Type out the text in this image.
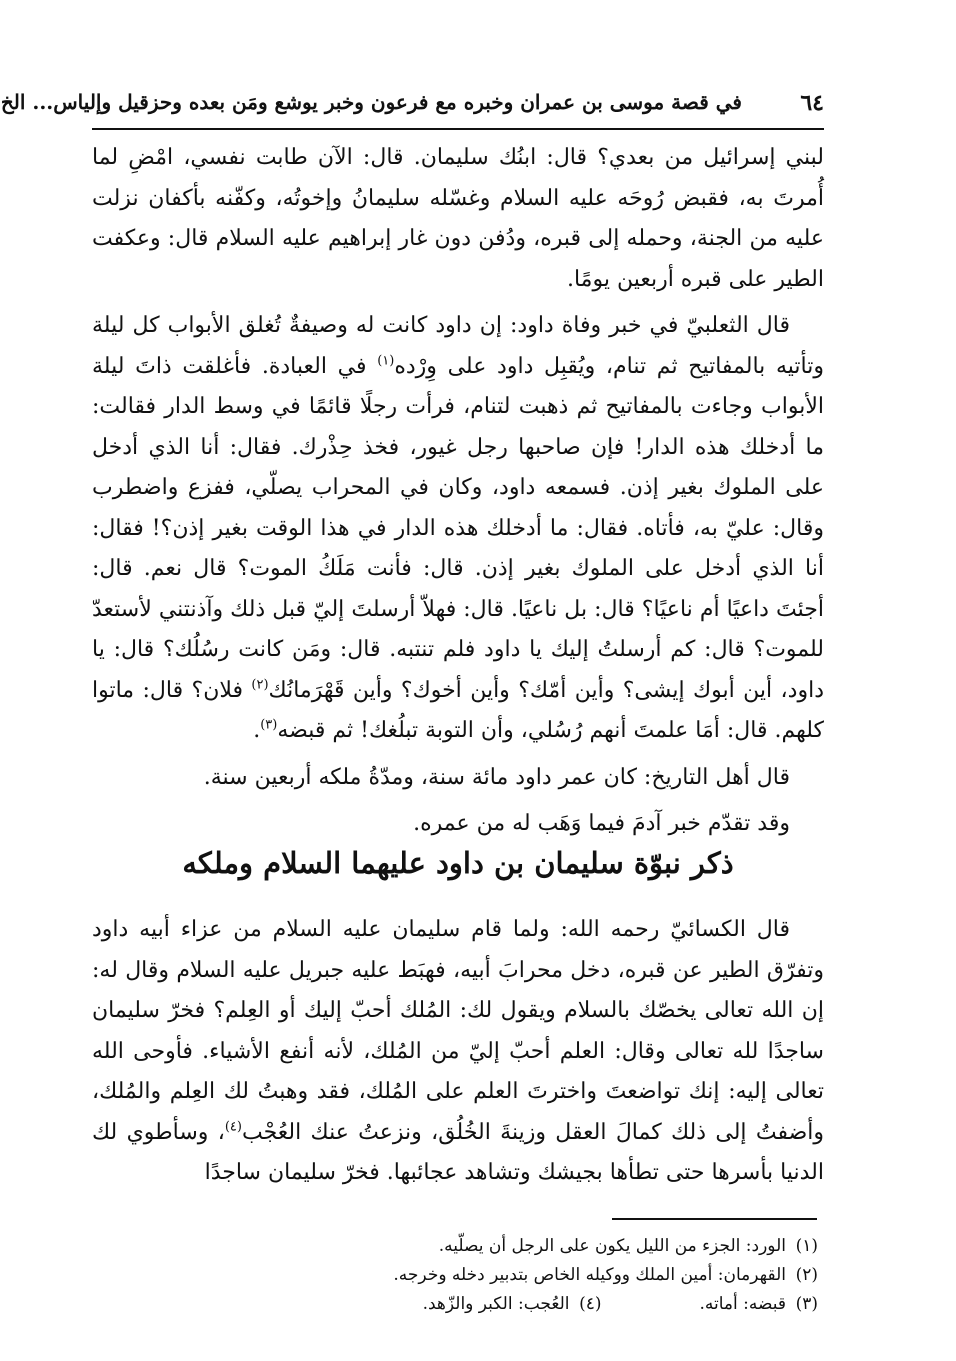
٦٤
في قصة موسى بن عمران وخبره مع فرعون وخبر يوشع ومَن بعده وحزقيل وإلياس... الخ

لبني إسرائيل من بعدي؟ قال: ابنُك سليمان. قال: الآن طابت نفسي، امْضِ لما أُمرتَ به، فقبض رُوحَه عليه السلام وغسّله سليمانُ وإخوتُه، وكفّنه بأكفان نزلت عليه من الجنة، وحمله إلى قبره، ودُفن دون غار إبراهيم عليه السلام قال: وعكفت الطير على قبره أربعين يومًا.

قال الثعلبيّ في خبر وفاة داود: إن داود كانت له وصيفةٌ تُغلق الأبواب كل ليلة وتأتيه بالمفاتيح ثم تنام، ويُقبِل داود على وِرْده$^{(١)}$ في العبادة. فأغلقت ذاتَ ليلة الأبواب وجاءت بالمفاتيح ثم ذهبت لتنام، فرأت رجلًا قائمًا في وسط الدار فقالت: ما أدخلك هذه الدار! فإن صاحبها رجل غيور، فخذ حِذْرك. فقال: أنا الذي أدخل على الملوك بغير إذن. فسمعه داود، وكان في المحراب يصلّي، ففزع واضطرب وقال: عليّ به، فأتاه. فقال: ما أدخلك هذه الدار في هذا الوقت بغير إذن؟! فقال: أنا الذي أدخل على الملوك بغير إذن. قال: فأنت مَلَكُ الموت؟ قال نعم. قال: أجئتَ داعيًا أم ناعيًا؟ قال: بل ناعيًا. قال: فهلاّ أرسلتَ إليّ قبل ذلك وآذنتني لأستعدّ للموت؟ قال: كم أرسلتُ إليك يا داود فلم تنتبه. قال: ومَن كانت رسُلُك؟ قال: يا داود، أين أبوك إيشى؟ وأين أمّك؟ وأين أخوك؟ وأين قَهْرَمانُك$^{(٢)}$ فلان؟ قال: ماتوا كلهم. قال: أمَا علمتَ أنهم رُسُلي، وأن التوبة تبلُغك! ثم قبضه$^{(٣)}$.

قال أهل التاريخ: كان عمر داود مائة سنة، ومدّةُ ملكه أربعين سنة.

وقد تقدّم خبر آدمَ فيما وَهَب له من عمره.

ذكر نبوّة سليمان بن داود عليهما السلام وملكه

قال الكسائيّ رحمه الله: ولما قام سليمان عليه السلام من عزاء أبيه داود وتفرّق الطير عن قبره، دخل محرابَ أبيه، فهبَط عليه جبريل عليه السلام وقال له: إن الله تعالى يخصّك بالسلام ويقول لك: المُلك أحبّ إليك أو العِلم؟ فخرّ سليمان ساجدًا لله تعالى وقال: العلم أحبّ إليّ من المُلك، لأنه أنفع الأشياء. فأوحى الله تعالى إليه: إنك تواضعتَ واخترتَ العلم على المُلك، فقد وهبتُ لك العِلم والمُلك، وأضفتُ إلى ذلك كمالَ العقل وزينةَ الخُلُق، ونزعتُ عنك العُجْب$^{(٤)}$، وسأطوي لك الدنيا بأسرها حتى تطأها بجيشك وتشاهد عجائبها. فخرّ سليمان ساجدًا

(١)
الورد: الجزء من الليل يكون على الرجل أن يصلّيه.
(٢)
القهرمان: أمين الملك ووكيله الخاص بتدبير دخله وخرجه.
(٣)
قبضه: أماته.
(٤)
العُجب: الكبر والزّهد.
